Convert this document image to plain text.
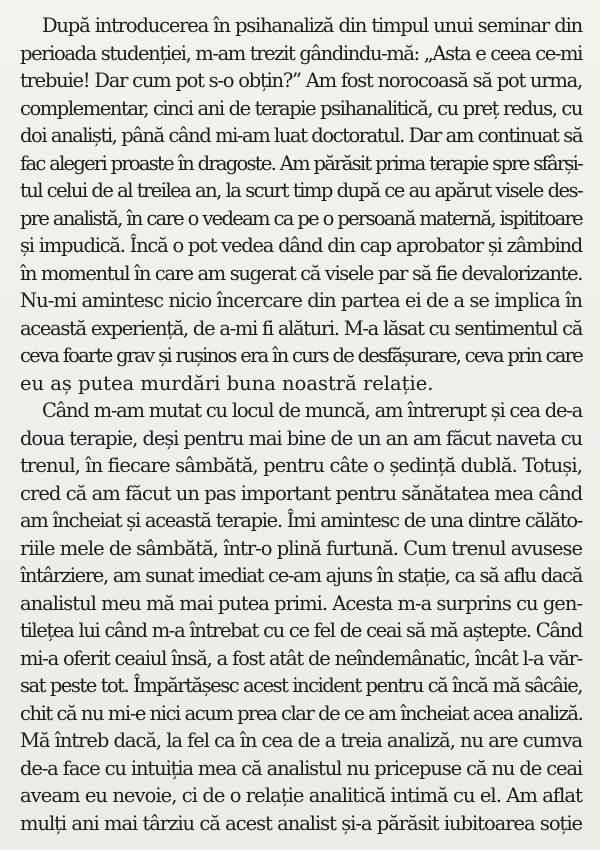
După introducerea în psihanaliză din timpul unui seminar din
perioada studenției, m-am trezit gândindu-mă: „Asta e ceea ce-mi
trebuie! Dar cum pot s-o obțin?” Am fost norocoasă să pot urma,
complementar, cinci ani de terapie psihanalitică, cu preț redus, cu
doi analiști, până când mi-am luat doctoratul. Dar am continuat să
fac alegeri proaste în dragoste. Am părăsit prima terapie spre sfârși-
tul celui de al treilea an, la scurt timp după ce au apărut visele des-
pre analistă, în care o vedeam ca pe o persoană maternă, ispititoare
și impudică. Încă o pot vedea dând din cap aprobator și zâmbind
în momentul în care am sugerat că visele par să fie devalorizante.
Nu-mi amintesc nicio încercare din partea ei de a se implica în
această experiență, de a-mi fi alături. M-a lăsat cu sentimentul că
ceva foarte grav și rușinos era în curs de desfășurare, ceva prin care
eu aș putea murdări buna noastră relație.
Când m-am mutat cu locul de muncă, am întrerupt și cea de-a
doua terapie, deși pentru mai bine de un an am făcut naveta cu
trenul, în fiecare sâmbătă, pentru câte o ședință dublă. Totuși,
cred că am făcut un pas important pentru sănătatea mea când
am încheiat și această terapie. Îmi amintesc de una dintre călăto-
riile mele de sâmbătă, într-o plină furtună. Cum trenul avusese
întârziere, am sunat imediat ce-am ajuns în stație, ca să aflu dacă
analistul meu mă mai putea primi. Acesta m-a surprins cu gen-
tilețea lui când m-a întrebat cu ce fel de ceai să mă aștepte. Când
mi-a oferit ceaiul însă, a fost atât de neîndemânatic, încât l-a văr-
sat peste tot. Împărtășesc acest incident pentru că încă mă sâcâie,
chit că nu mi-e nici acum prea clar de ce am încheiat acea analiză.
Mă întreb dacă, la fel ca în cea de a treia analiză, nu are cumva
de-a face cu intuiția mea că analistul nu pricepuse că nu de ceai
aveam eu nevoie, ci de o relație analitică intimă cu el. Am aflat
mulți ani mai târziu că acest analist și-a părăsit iubitoarea soție
